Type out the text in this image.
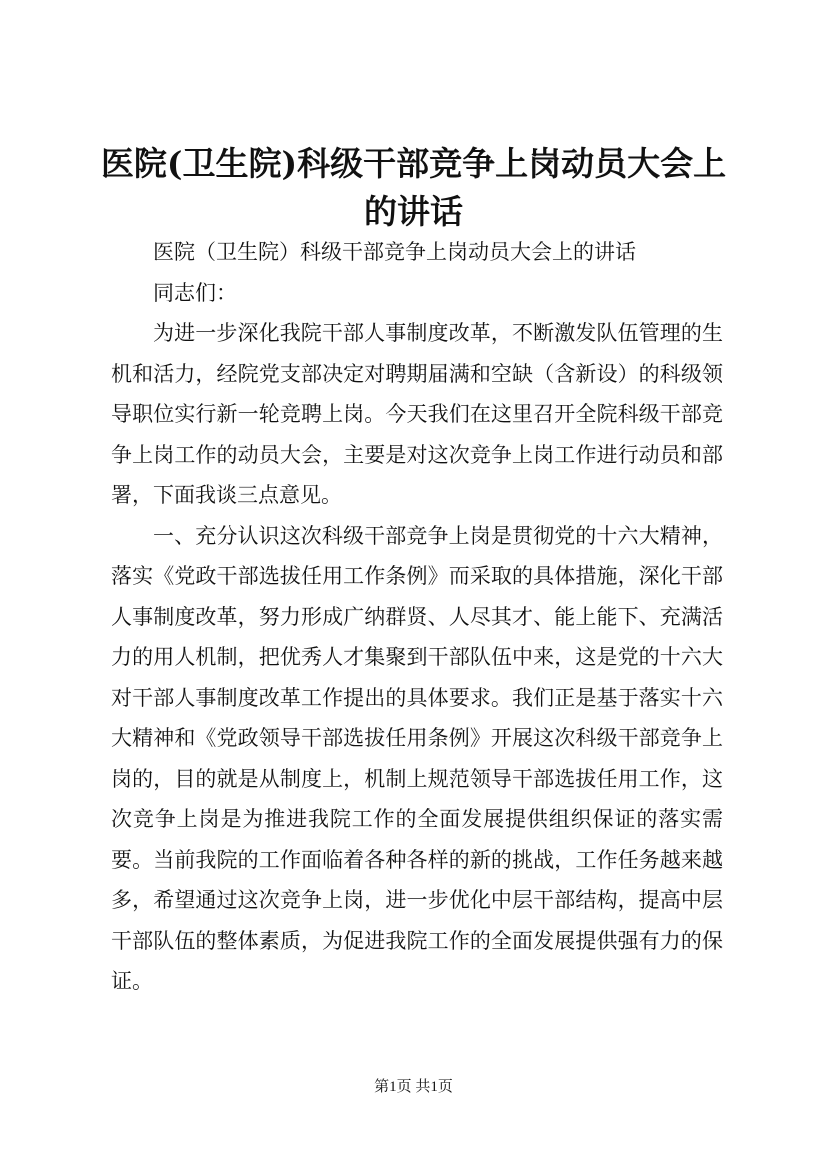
医院(卫生院)科级干部竞争上岗动员大会上的讲话

医院（卫生院）科级干部竞争上岗动员大会上的讲话

同志们：

为进一步深化我院干部人事制度改革，不断激发队伍管理的生机和活力，经院党支部决定对聘期届满和空缺（含新设）的科级领导职位实行新一轮竞聘上岗。今天我们在这里召开全院科级干部竞争上岗工作的动员大会，主要是对这次竞争上岗工作进行动员和部署，下面我谈三点意见。

一、充分认识这次科级干部竞争上岗是贯彻党的十六大精神，落实《党政干部选拔任用工作条例》而采取的具体措施，深化干部人事制度改革，努力形成广纳群贤、人尽其才、能上能下、充满活力的用人机制，把优秀人才集聚到干部队伍中来，这是党的十六大对干部人事制度改革工作提出的具体要求。我们正是基于落实十六大精神和《党政领导干部选拔任用条例》开展这次科级干部竞争上岗的，目的就是从制度上，机制上规范领导干部选拔任用工作，这次竞争上岗是为推进我院工作的全面发展提供组织保证的落实需要。当前我院的工作面临着各种各样的新的挑战，工作任务越来越多，希望通过这次竞争上岗，进一步优化中层干部结构，提高中层干部队伍的整体素质，为促进我院工作的全面发展提供强有力的保证。

第1页 共1页
